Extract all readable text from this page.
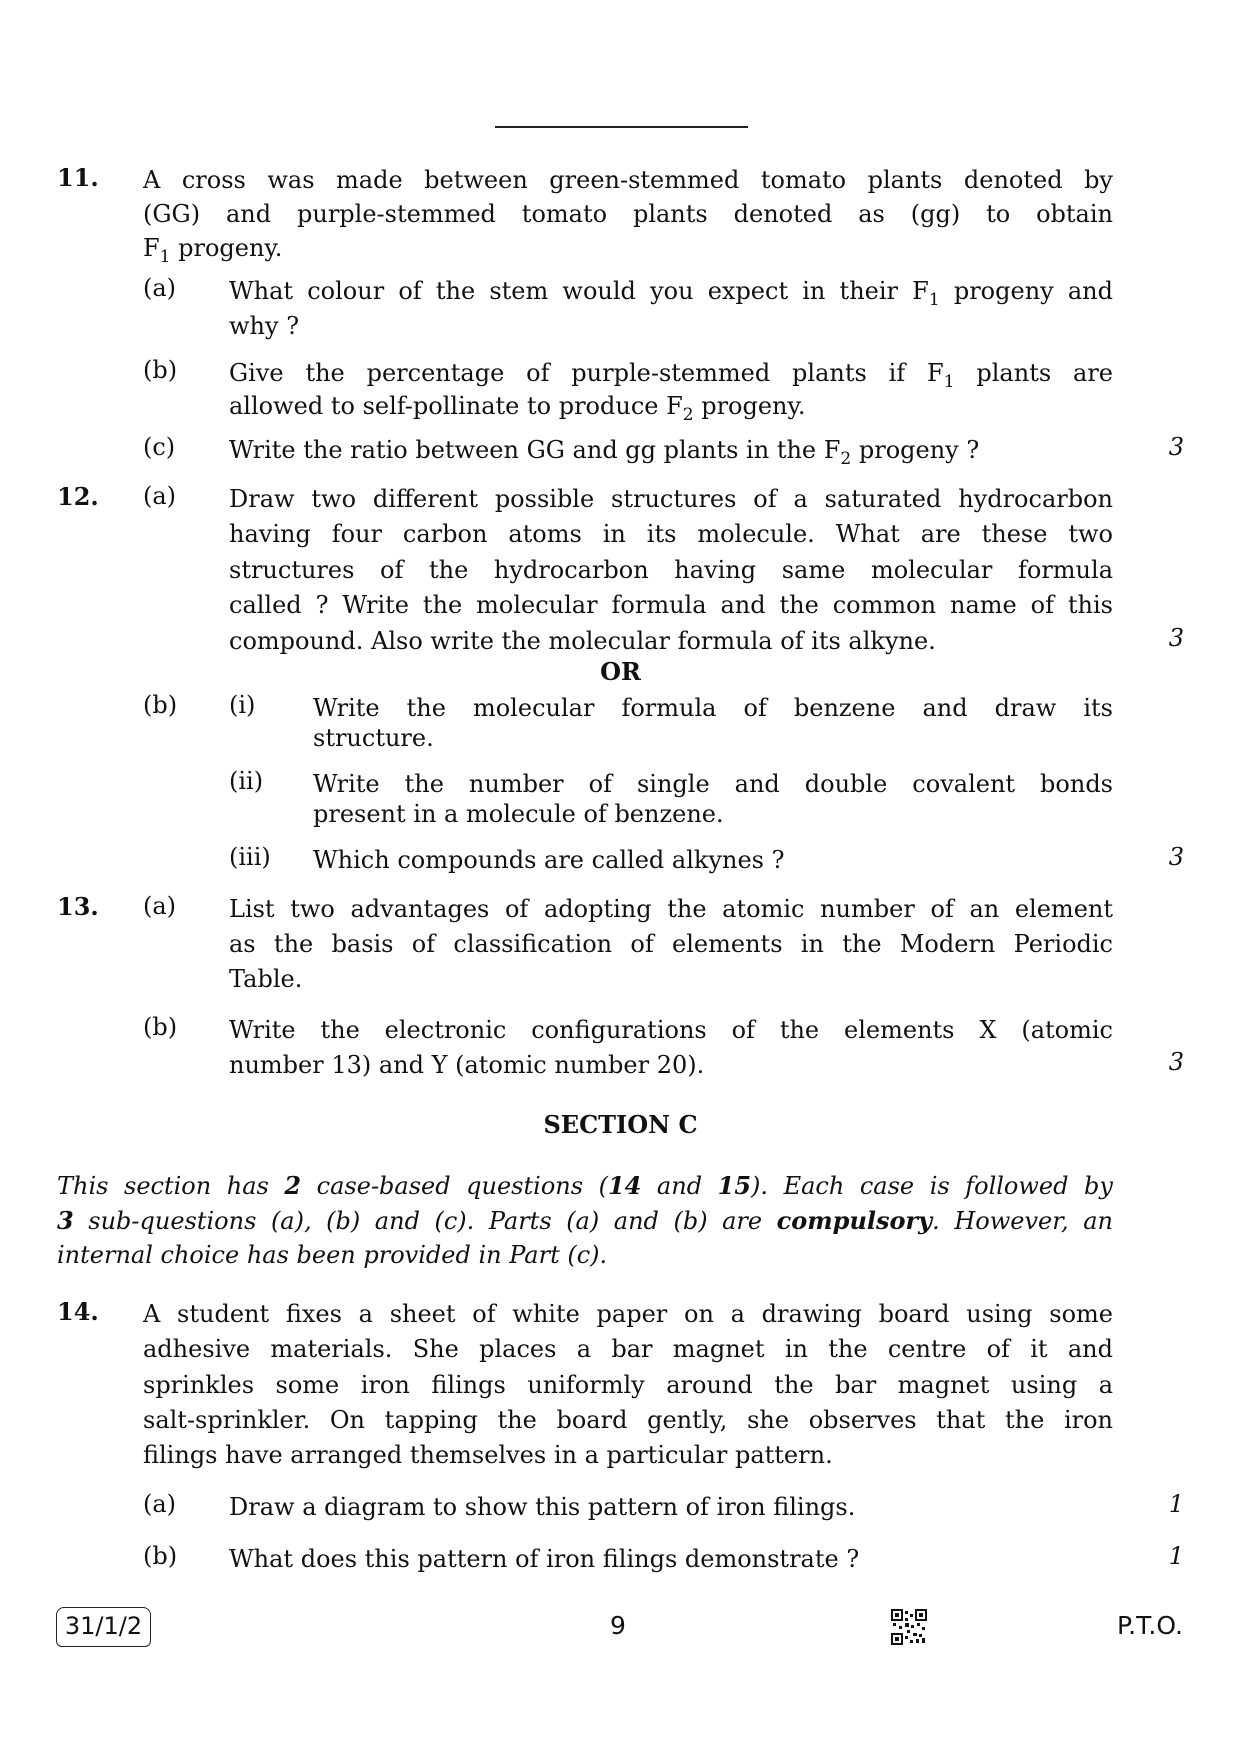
11. A cross was made between green-stemmed tomato plants denoted by
(GG) and purple-stemmed tomato plants denoted as (gg) to obtain
$F_1$ progeny.
(a) What colour of the stem would you expect in their $F_1$ progeny and
why ?
(b) Give the percentage of purple-stemmed plants if $F_1$ plants are
allowed to self-pollinate to produce $F_2$ progeny.
(c) Write the ratio between GG and gg plants in the $F_2$ progeny ?	3
12. (a) Draw two different possible structures of a saturated hydrocarbon
having four carbon atoms in its molecule. What are these two
structures of the hydrocarbon having same molecular formula
called ? Write the molecular formula and the common name of this
compound. Also write the molecular formula of its alkyne.	3
OR
(b) (i) Write the molecular formula of benzene and draw its
structure.
(ii) Write the number of single and double covalent bonds
present in a molecule of benzene.
(iii) Which compounds are called alkynes ?	3
13. (a) List two advantages of adopting the atomic number of an element
as the basis of classification of elements in the Modern Periodic
Table.
(b) Write the electronic configurations of the elements X (atomic
number 13) and Y (atomic number 20).	3
SECTION C
This section has 2 case-based questions (14 and 15). Each case is followed by
3 sub-questions (a), (b) and (c). Parts (a) and (b) are compulsory. However, an
internal choice has been provided in Part (c).
14. A student fixes a sheet of white paper on a drawing board using some
adhesive materials. She places a bar magnet in the centre of it and
sprinkles some iron filings uniformly around the bar magnet using a
salt-sprinkler. On tapping the board gently, she observes that the iron
filings have arranged themselves in a particular pattern.
(a) Draw a diagram to show this pattern of iron filings.	1
(b) What does this pattern of iron filings demonstrate ?	1
31/1/2	9	P.T.O.
